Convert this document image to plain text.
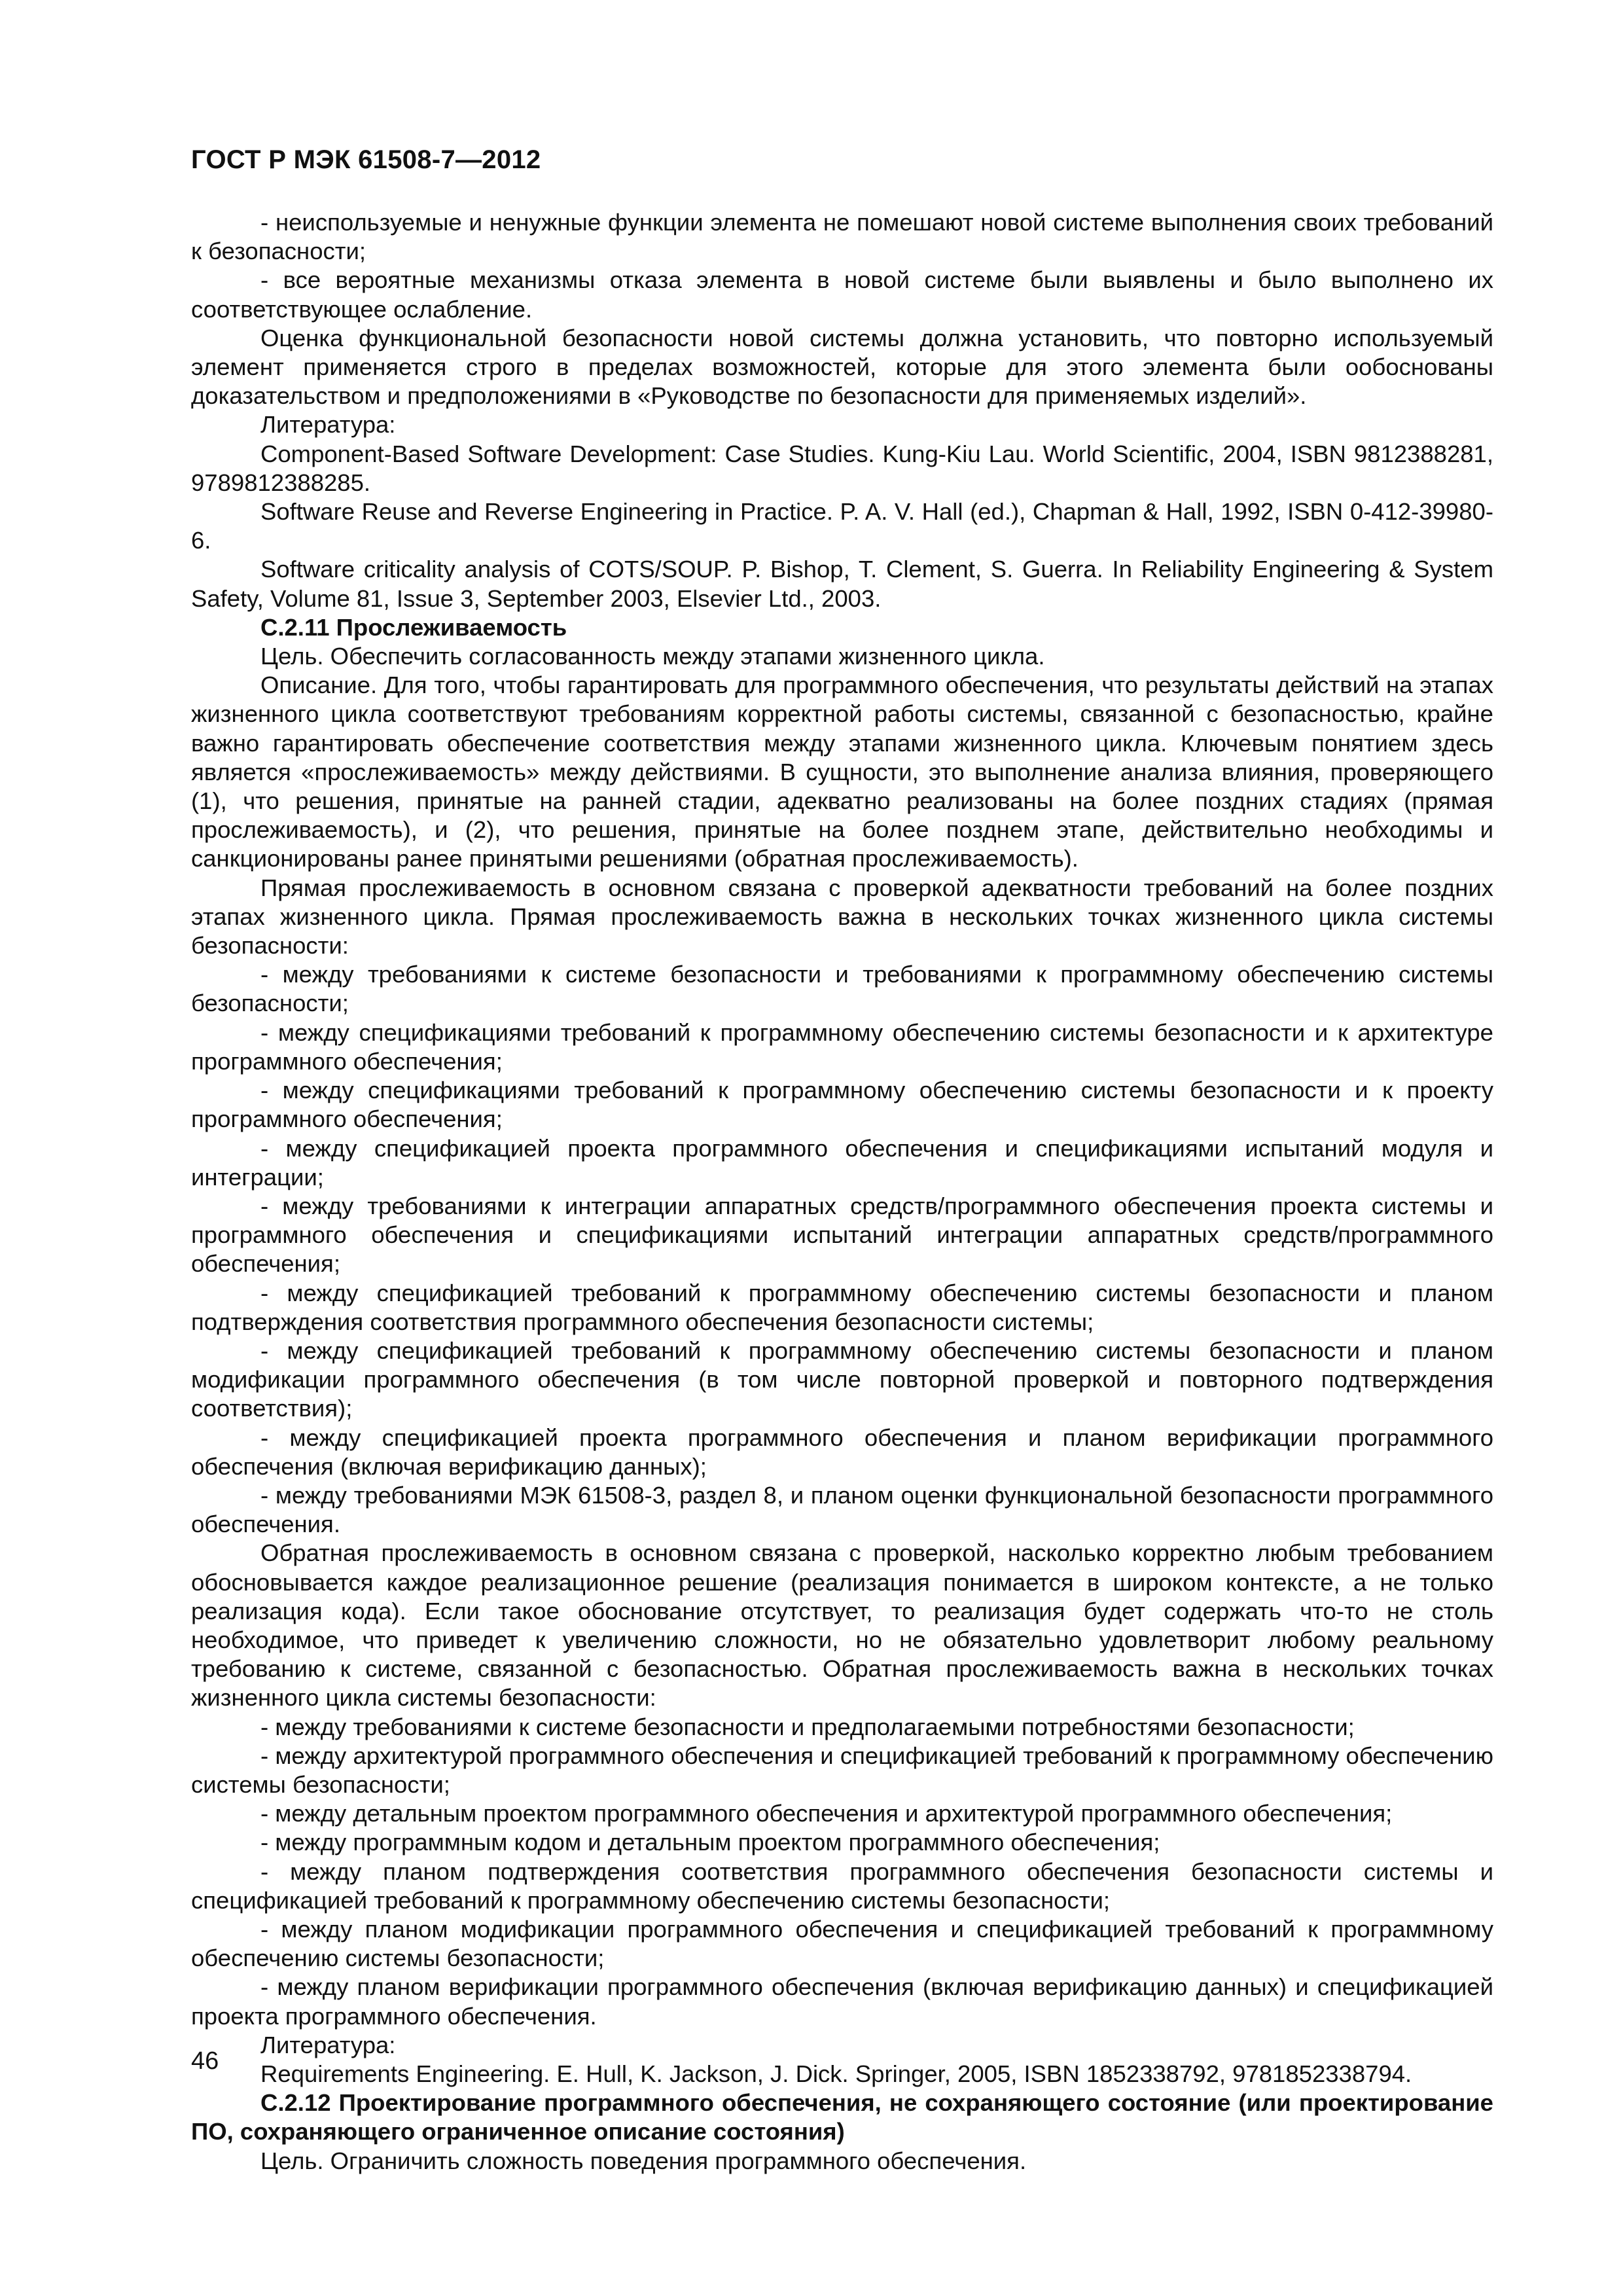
ГОСТ Р МЭК 61508-7—2012

- неиспользуемые и ненужные функции элемента не помешают новой системе выполнения своих требований к безопасности;

- все вероятные механизмы отказа элемента в новой системе были выявлены и было выполнено их соответствующее ослабление.

Оценка функциональной безопасности новой системы должна установить, что повторно используемый элемент применяется строго в пределах возможностей, которые для этого элемента были ообоснованы доказательством и предположениями в «Руководстве по безопасности для применяемых изделий».

Литература:

Component-Based Software Development: Case Studies. Kung-Kiu Lau. World Scientific, 2004, ISBN 9812388281, 9789812388285.

Software Reuse and Reverse Engineering in Practice. P. A. V. Hall (ed.), Chapman & Hall, 1992, ISBN 0-412-39980-6.

Software criticality analysis of COTS/SOUP. P. Bishop, T. Clement, S. Guerra. In Reliability Engineering & System Safety, Volume 81, Issue 3, September 2003, Elsevier Ltd., 2003.

С.2.11 Прослеживаемость

Цель. Обеспечить согласованность между этапами жизненного цикла.

Описание. Для того, чтобы гарантировать для программного обеспечения, что результаты действий на этапах жизненного цикла соответствуют требованиям корректной работы системы, связанной с безопасностью, крайне важно гарантировать обеспечение соответствия между этапами жизненного цикла. Ключевым понятием здесь является «прослеживаемость» между действиями. В сущности, это выполнение анализа влияния, проверяющего (1), что решения, принятые на ранней стадии, адекватно реализованы на более поздних стадиях (прямая прослеживаемость), и (2), что решения, принятые на более позднем этапе, действительно необходимы и санкционированы ранее принятыми решениями (обратная прослеживаемость).

Прямая прослеживаемость в основном связана с проверкой адекватности требований на более поздних этапах жизненного цикла. Прямая прослеживаемость важна в нескольких точках жизненного цикла системы безопасности:

- между требованиями к системе безопасности и требованиями к программному обеспечению системы безопасности;

- между спецификациями требований к программному обеспечению системы безопасности и к архитектуре программного обеспечения;

- между спецификациями требований к программному обеспечению системы безопасности и к проекту программного обеспечения;

- между спецификацией проекта программного обеспечения и спецификациями испытаний модуля и интеграции;

- между требованиями к интеграции аппаратных средств/программного обеспечения проекта системы и программного обеспечения и спецификациями испытаний интеграции аппаратных средств/программного обеспечения;

- между спецификацией требований к программному обеспечению системы безопасности и планом подтверждения соответствия программного обеспечения безопасности системы;

- между спецификацией требований к программному обеспечению системы безопасности и планом модификации программного обеспечения (в том числе повторной проверкой и повторного подтверждения соответствия);

- между спецификацией проекта программного обеспечения и планом верификации программного обеспечения (включая верификацию данных);

- между требованиями МЭК 61508-3, раздел 8, и планом оценки функциональной безопасности программного обеспечения.

Обратная прослеживаемость в основном связана с проверкой, насколько корректно любым требованием обосновывается каждое реализационное решение (реализация понимается в широком контексте, а не только реализация кода). Если такое обоснование отсутствует, то реализация будет содержать что-то не столь необходимое, что приведет к увеличению сложности, но не обязательно удовлетворит любому реальному требованию к системе, связанной с безопасностью. Обратная прослеживаемость важна в нескольких точках жизненного цикла системы безопасности:

- между требованиями к системе безопасности и предполагаемыми потребностями безопасности;

- между архитектурой программного обеспечения и спецификацией требований к программному обеспечению системы безопасности;

- между детальным проектом программного обеспечения и архитектурой программного обеспечения;

- между программным кодом и детальным проектом программного обеспечения;

- между планом подтверждения соответствия программного обеспечения безопасности системы и спецификацией требований к программному обеспечению системы безопасности;

- между планом модификации программного обеспечения и спецификацией требований к программному обеспечению системы безопасности;

- между планом верификации программного обеспечения (включая верификацию данных) и спецификацией проекта программного обеспечения.

Литература:

Requirements Engineering. E. Hull, K. Jackson, J. Dick. Springer, 2005, ISBN 1852338792, 9781852338794.

С.2.12 Проектирование программного обеспечения, не сохраняющего состояние (или проектирование ПО, сохраняющего ограниченное описание состояния)

Цель. Ограничить сложность поведения программного обеспечения.

46
